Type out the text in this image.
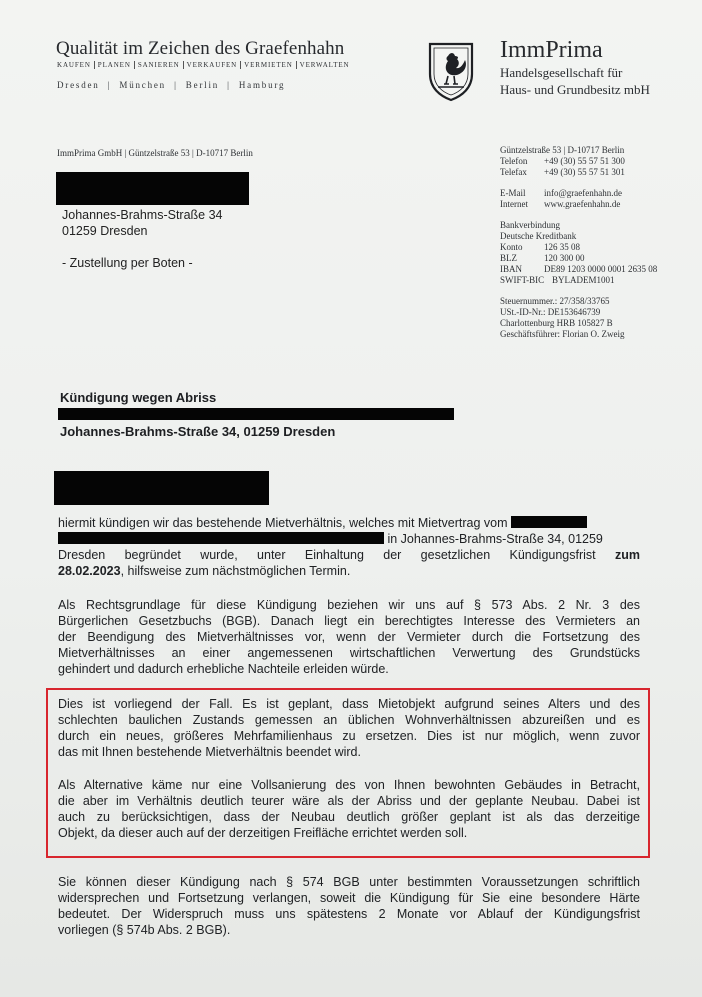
Qualität im Zeichen des Graefenhahn
KAUFEN PLANEN SANIEREN VERKAUFEN VERMIETEN VERWALTEN
Dresden  |  München  |  Berlin  |  Hamburg
ImmPrima
Handelsgesellschaft für
Haus- und Grundbesitz mbH
ImmPrima GmbH | Güntzelstraße 53 | D-10717 Berlin	Güntzelstraße 53 | D-10717 Berlin
Telefon	+49 (30) 55 57 51 300
Telefax	+49 (30) 55 57 51 301
E-Mail	info@graefenhahn.de
Internet	www.graefenhahn.de
Bankverbindung
Deutsche Kreditbank
Konto	126 35 08
BLZ	120 300 00
IBAN	DE89 1203 0000 0001 2635 08
SWIFT-BIC BYLADEM1001
Steuernummer.: 27/358/33765
USt.-ID-Nr.: DE153646739
Charlottenburg HRB 105827 B
Geschäftsführer: Florian O. Zweig
Johannes-Brahms-Straße 34
01259 Dresden
- Zustellung per Boten -
Kündigung wegen Abriss
Johannes-Brahms-Straße 34, 01259 Dresden
hiermit kündigen wir das bestehende Mietverhältnis, welches mit Mietvertrag vom
in Johannes-Brahms-Straße 34, 01259
Dresden begründet wurde, unter Einhaltung der gesetzlichen Kündigungsfrist zum
28.02.2023, hilfsweise zum nächstmöglichen Termin.
Als Rechtsgrundlage für diese Kündigung beziehen wir uns auf § 573 Abs. 2 Nr. 3 des
Bürgerlichen Gesetzbuchs (BGB). Danach liegt ein berechtigtes Interesse des Vermieters an
der Beendigung des Mietverhältnisses vor, wenn der Vermieter durch die Fortsetzung des
Mietverhältnisses an einer angemessenen wirtschaftlichen Verwertung des Grundstücks
gehindert und dadurch erhebliche Nachteile erleiden würde.
Dies ist vorliegend der Fall. Es ist geplant, dass Mietobjekt aufgrund seines Alters und des
schlechten baulichen Zustands gemessen an üblichen Wohnverhältnissen abzureißen und es
durch ein neues, größeres Mehrfamilienhaus zu ersetzen. Dies ist nur möglich, wenn zuvor
das mit Ihnen bestehende Mietverhältnis beendet wird.
Als Alternative käme nur eine Vollsanierung des von Ihnen bewohnten Gebäudes in Betracht,
die aber im Verhältnis deutlich teurer wäre als der Abriss und der geplante Neubau. Dabei ist
auch zu berücksichtigen, dass der Neubau deutlich größer geplant ist als das derzeitige
Objekt, da dieser auch auf der derzeitigen Freifläche errichtet werden soll.
Sie können dieser Kündigung nach § 574 BGB unter bestimmten Voraussetzungen schriftlich
widersprechen und Fortsetzung verlangen, soweit die Kündigung für Sie eine besondere Härte
bedeutet. Der Widerspruch muss uns spätestens 2 Monate vor Ablauf der Kündigungsfrist
vorliegen (§ 574b Abs. 2 BGB).
